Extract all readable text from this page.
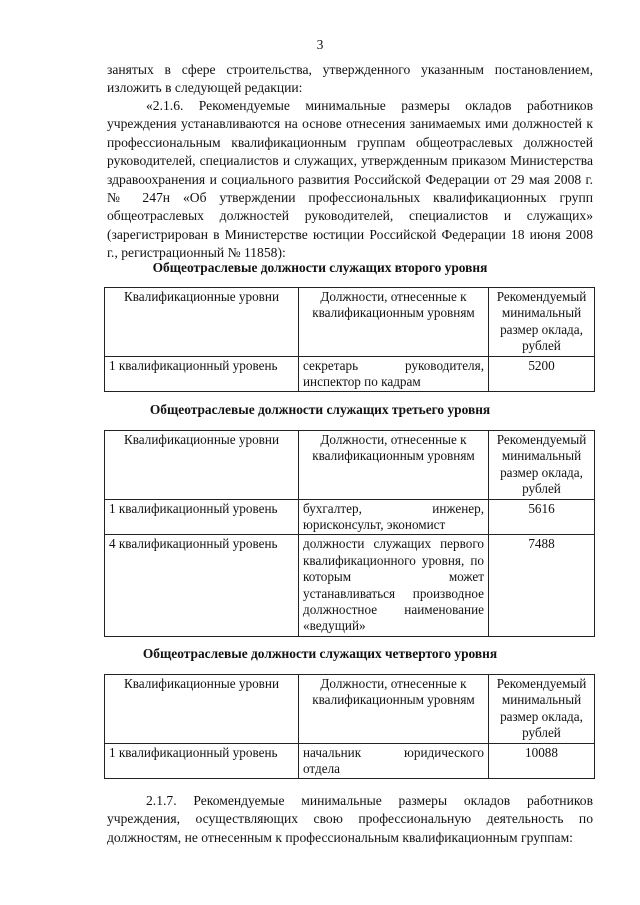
3
занятых в сфере строительства, утвержденного указанным постановлением, изложить в следующей редакции:
«2.1.6. Рекомендуемые минимальные размеры окладов работников учреждения устанавливаются на основе отнесения занимаемых ими должностей к профессиональным квалификационным группам общеотраслевых должностей руководителей, специалистов и служащих, утвержденным приказом Министерства здравоохранения и социального развития Российской Федерации от 29 мая 2008 г. № 247н «Об утверждении профессиональных квалификационных групп общеотраслевых должностей руководителей, специалистов и служащих» (зарегистрирован в Министерстве юстиции Российской Федерации 18 июня 2008 г., регистрационный № 11858):
Общеотраслевые должности служащих второго уровня
Квалификационные уровни	Должности, отнесенные к квалификационным уровням	Рекомендуемый минимальный размер оклада, рублей
1 квалификационный уровень	секретарь руководителя, инспектор по кадрам	5200
Общеотраслевые должности служащих третьего уровня
Квалификационные уровни	Должности, отнесенные к квалификационным уровням	Рекомендуемый минимальный размер оклада, рублей
1 квалификационный уровень	бухгалтер, инженер, юрисконсульт, экономист	5616
4 квалификационный уровень	должности служащих первого квалификационного уровня, по которым может устанавливаться производное должностное наименование «ведущий»	7488
Общеотраслевые должности служащих четвертого уровня
Квалификационные уровни	Должности, отнесенные к квалификационным уровням	Рекомендуемый минимальный размер оклада, рублей
1 квалификационный уровень	начальник юридического отдела	10088
2.1.7. Рекомендуемые минимальные размеры окладов работников учреждения, осуществляющих свою профессиональную деятельность по должностям, не отнесенным к профессиональным квалификационным группам:
